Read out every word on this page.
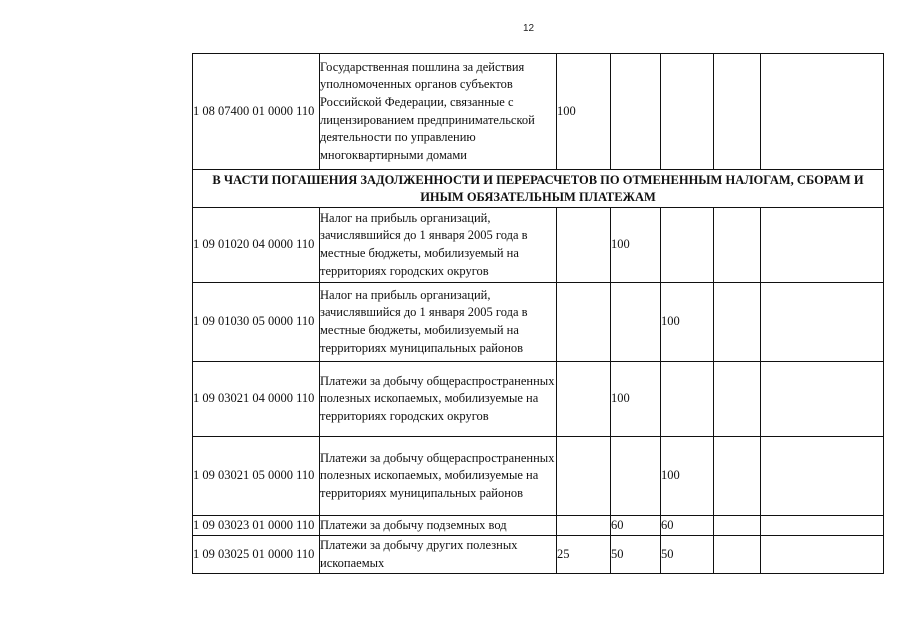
12
1 08 07400 01 0000 110	Государственная пошлина за действия уполномоченных органов субъектов Российской Федерации, связанные с лицензированием предпринимательской деятельности по управлению многоквартирными домами	100				
В ЧАСТИ ПОГАШЕНИЯ ЗАДОЛЖЕННОСТИ И ПЕРЕРАСЧЕТОВ ПО ОТМЕНЕННЫМ НАЛОГАМ, СБОРАМ И ИНЫМ ОБЯЗАТЕЛЬНЫМ ПЛАТЕЖАМ						
1 09 01020 04 0000 110	Налог на прибыль организаций, зачислявшийся до 1 января 2005 года в местные бюджеты, мобилизуемый на территориях городских округов		100			
1 09 01030 05 0000 110	Налог на прибыль организаций, зачислявшийся до 1 января 2005 года в местные бюджеты, мобилизуемый на территориях муниципальных районов			100		
1 09 03021 04 0000 110	Платежи за добычу общераспространенных полезных ископаемых, мобилизуемые на территориях городских округов		100			
1 09 03021 05 0000 110	Платежи за добычу общераспространенных полезных ископаемых, мобилизуемые на территориях муниципальных районов			100		
1 09 03023 01 0000 110	Платежи за добычу подземных вод		60	60		
1 09 03025 01 0000 110	Платежи за добычу других полезных ископаемых	25	50	50		
